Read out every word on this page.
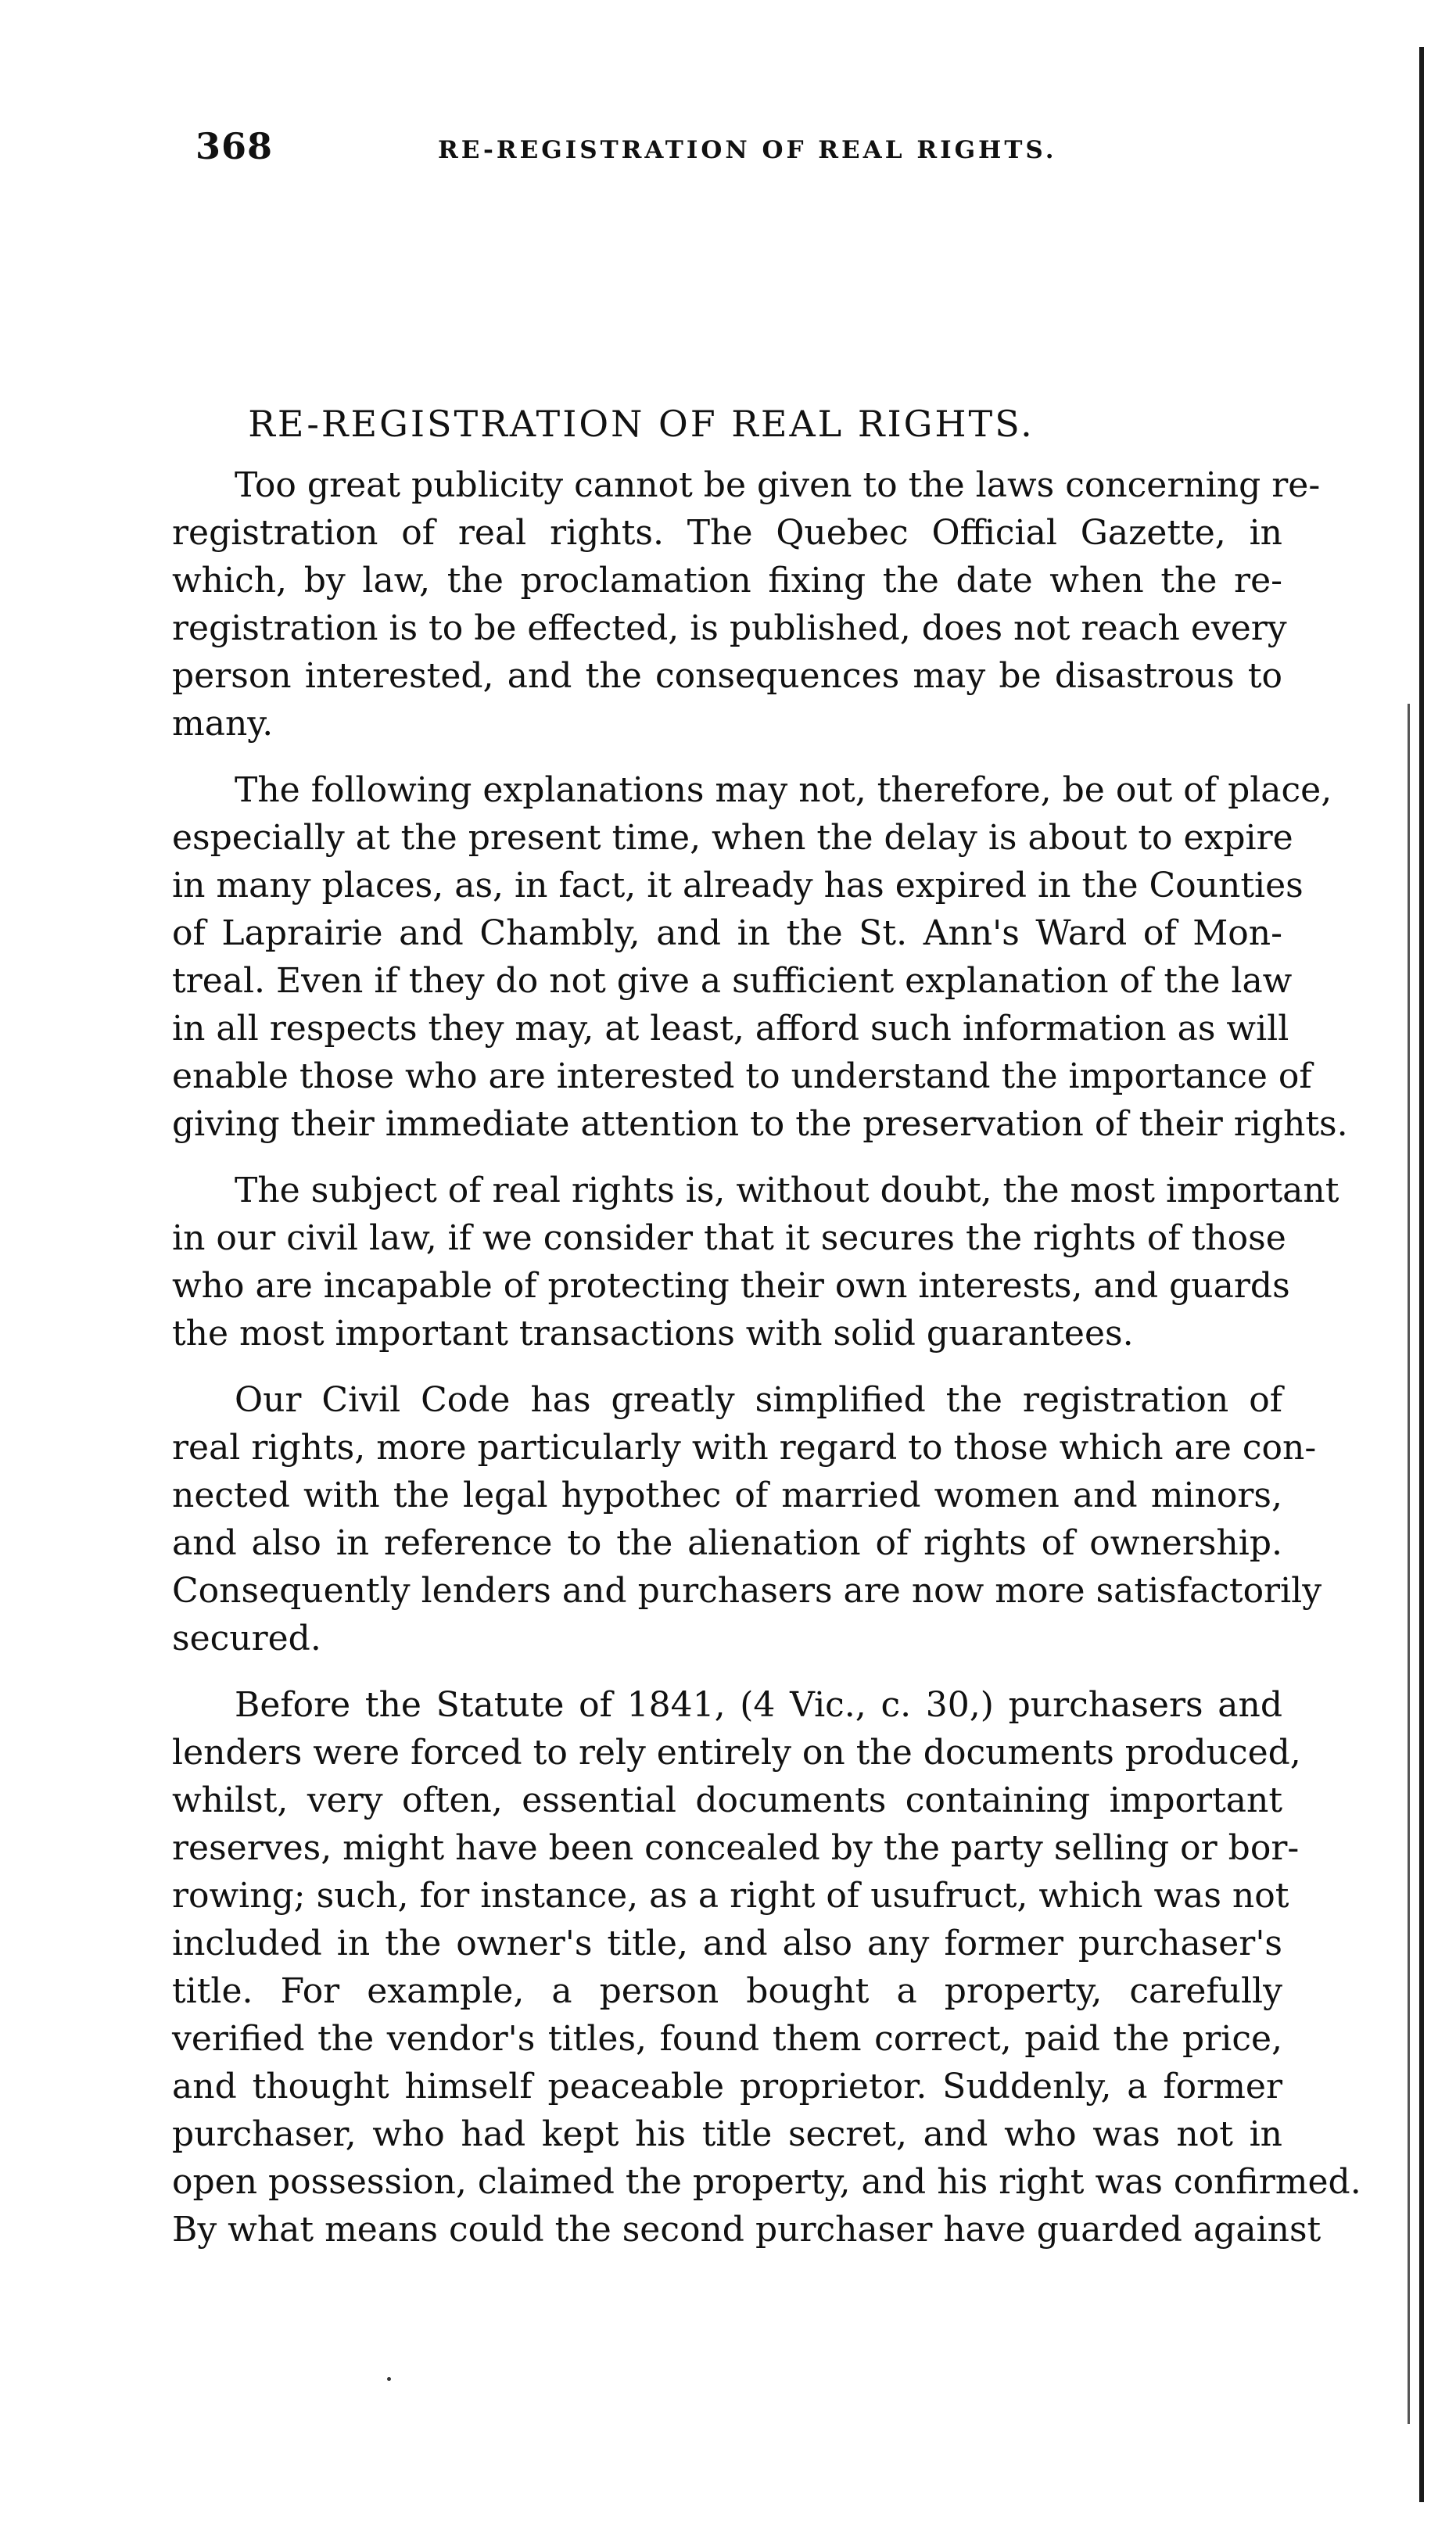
368	RE-REGISTRATION OF REAL RIGHTS.
RE-REGISTRATION OF REAL RIGHTS.
Too great publicity cannot be given to the laws concerning re-
registration of real rights. The Quebec Official Gazette, in
which, by law, the proclamation fixing the date when the re-
registration is to be effected, is published, does not reach every
person interested, and the consequences may be disastrous to
many.
The following explanations may not, therefore, be out of place,
especially at the present time, when the delay is about to expire
in many places, as, in fact, it already has expired in the Counties
of Laprairie and Chambly, and in the St. Ann's Ward of Mon-
treal. Even if they do not give a sufficient explanation of the law
in all respects they may, at least, afford such information as will
enable those who are interested to understand the importance of
giving their immediate attention to the preservation of their rights.
The subject of real rights is, without doubt, the most important
in our civil law, if we consider that it secures the rights of those
who are incapable of protecting their own interests, and guards
the most important transactions with solid guarantees.
Our Civil Code has greatly simplified the registration of
real rights, more particularly with regard to those which are con-
nected with the legal hypothec of married women and minors,
and also in reference to the alienation of rights of ownership.
Consequently lenders and purchasers are now more satisfactorily
secured.
Before the Statute of 1841, (4 Vic., c. 30,) purchasers and
lenders were forced to rely entirely on the documents produced,
whilst, very often, essential documents containing important
reserves, might have been concealed by the party selling or bor-
rowing; such, for instance, as a right of usufruct, which was not
included in the owner's title, and also any former purchaser's
title. For example, a person bought a property, carefully
verified the vendor's titles, found them correct, paid the price,
and thought himself peaceable proprietor. Suddenly, a former
purchaser, who had kept his title secret, and who was not in
open possession, claimed the property, and his right was confirmed.
By what means could the second purchaser have guarded against
